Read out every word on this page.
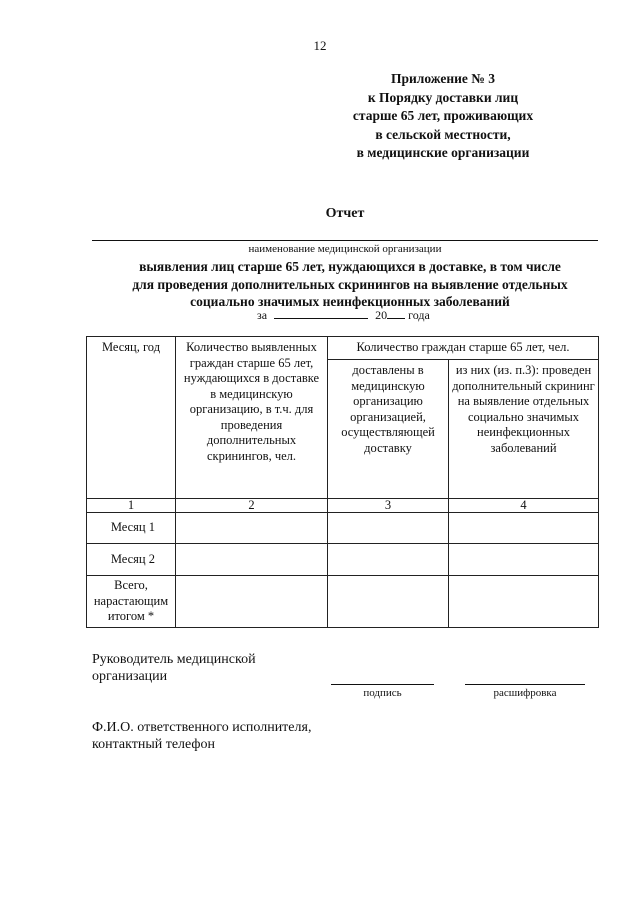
12
Приложение № 3
к Порядку доставки лиц
старше 65 лет, проживающих
в сельской местности,
в медицинские организации
Отчет
наименование медицинской организации
выявления лиц старше 65 лет, нуждающихся в доставке, в том числе
для проведения дополнительных скринингов на выявление отдельных
социально значимых неинфекционных заболеваний
за	20 года
Месяц, год	Количество выявленных граждан старше 65 лет, нуждающихся в доставке в медицинскую организацию, в т.ч. для проведения дополнительных скринингов, чел.	Количество граждан старше 65 лет, чел.	
		доставлены в медицинскую организацию организацией, осуществляющей доставку	из них (из. п.3): проведен дополнительный скрининг на выявление отдельных социально значимых неинфекционных заболеваний
1	2	3	4
Месяц 1			
Месяц 2			
Всего, нарастающим итогом *			
Руководитель медицинской организации
подпись	расшифровка
Ф.И.О. ответственного исполнителя, контактный телефон
